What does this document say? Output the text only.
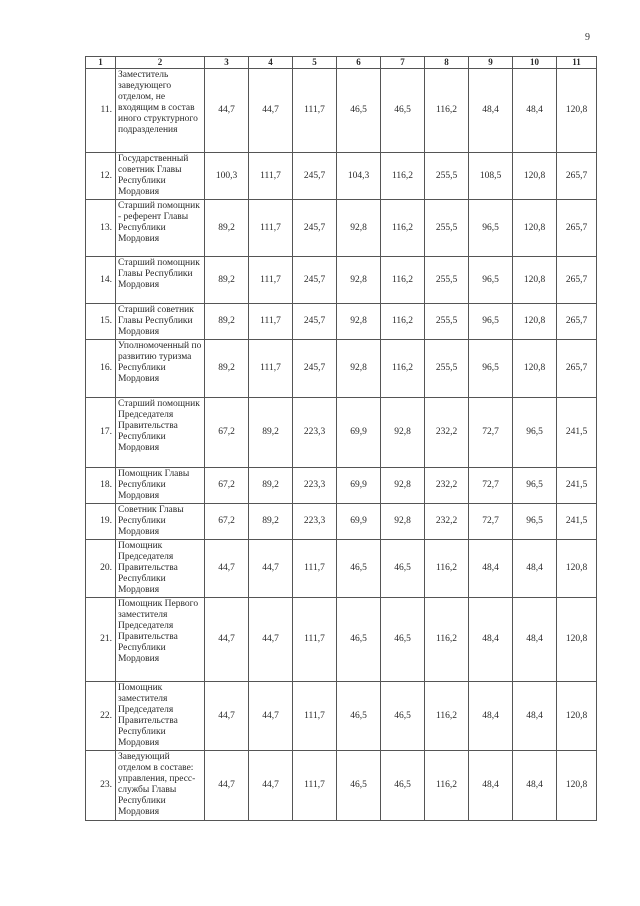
9
1	2	3	4	5	6	7	8	9	10	11
11.	Заместитель заведующего отделом, не входящим в состав иного структурного подразделения	44,7	44,7	111,7	46,5	46,5	116,2	48,4	48,4	120,8
12.	Государственный советник Главы Республики Мордовия	100,3	111,7	245,7	104,3	116,2	255,5	108,5	120,8	265,7
13.	Старший помощник - референт Главы Республики Мордовия	89,2	111,7	245,7	92,8	116,2	255,5	96,5	120,8	265,7
14.	Старший помощник Главы Республики Мордовия	89,2	111,7	245,7	92,8	116,2	255,5	96,5	120,8	265,7
15.	Старший советник Главы Республики Мордовия	89,2	111,7	245,7	92,8	116,2	255,5	96,5	120,8	265,7
16.	Уполномоченный по развитию туризма Республики Мордовия	89,2	111,7	245,7	92,8	116,2	255,5	96,5	120,8	265,7
17.	Старший помощник Председателя Правительства Республики Мордовия	67,2	89,2	223,3	69,9	92,8	232,2	72,7	96,5	241,5
18.	Помощник Главы Республики Мордовия	67,2	89,2	223,3	69,9	92,8	232,2	72,7	96,5	241,5
19.	Советник Главы Республики Мордовия	67,2	89,2	223,3	69,9	92,8	232,2	72,7	96,5	241,5
20.	Помощник Председателя Правительства Республики Мордовия	44,7	44,7	111,7	46,5	46,5	116,2	48,4	48,4	120,8
21.	Помощник Первого заместителя Председателя Правительства Республики Мордовия	44,7	44,7	111,7	46,5	46,5	116,2	48,4	48,4	120,8
22.	Помощник заместителя Председателя Правительства Республики Мордовия	44,7	44,7	111,7	46,5	46,5	116,2	48,4	48,4	120,8
23.	Заведующий отделом в составе: управления, пресс-службы Главы Республики Мордовия	44,7	44,7	111,7	46,5	46,5	116,2	48,4	48,4	120,8
